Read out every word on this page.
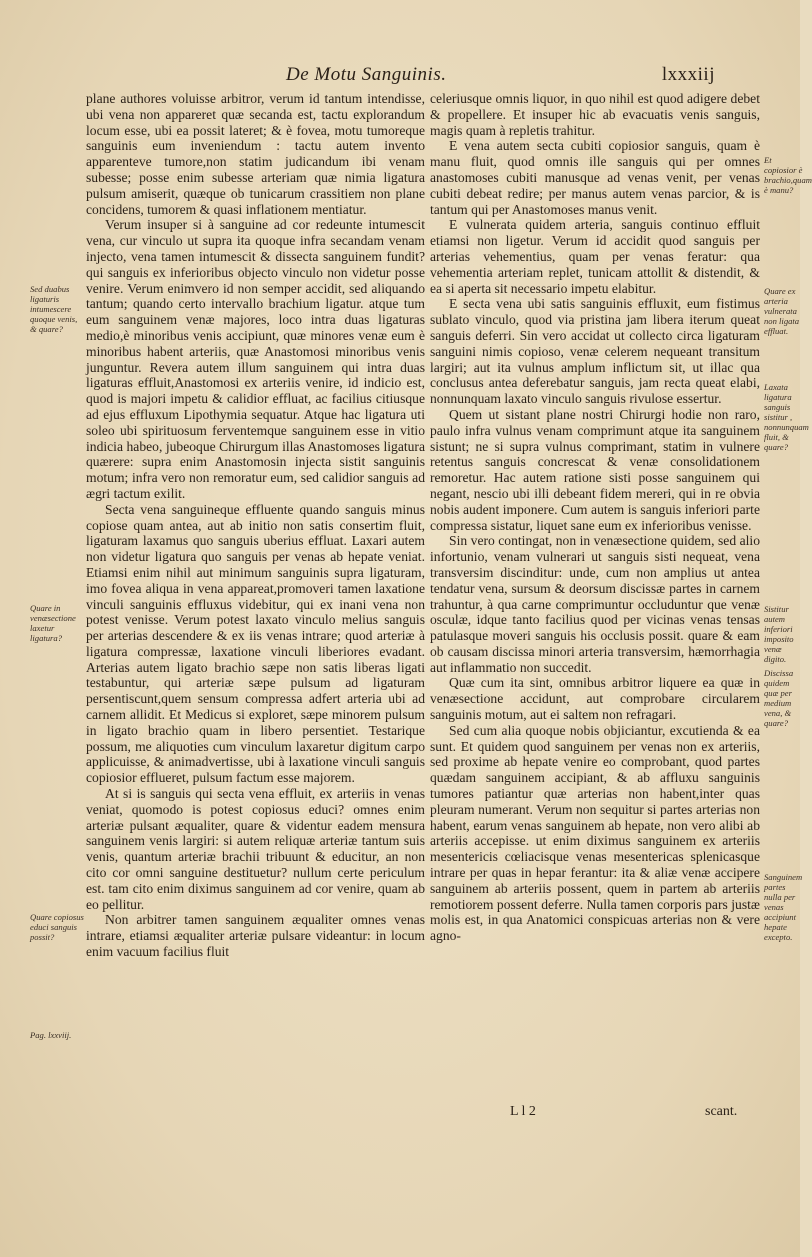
De Motu Sanguinis.	lxxxiij

plane authores voluisse arbitror, verum id tantum intendisse, ubi vena non appareret quæ secanda est, tactu explorandum locum esse, ubi ea possit lateret; & è fovea, motu tumoreque sanguinis eum inveniendum : tactu autem invento apparenteve tumore,non statim judicandum ibi venam subesse; posse enim subesse arteriam quæ nimia ligatura pulsum amiserit, quæque ob tunicarum crassitiem non plane concidens, tumorem & quasi inflationem mentiatur.

Verum insuper si à sanguine ad cor redeunte intumescit vena, cur vinculo ut supra ita quoque infra secandam venam injecto, vena tamen intumescit & dissecta sanguinem fundit? qui sanguis ex inferioribus objecto vinculo non videtur posse venire. Verum enimvero id non semper accidit, sed aliquando tantum; quando certo intervallo brachium ligatur. atque tum eum sanguinem venæ majores, loco intra duas ligaturas medio,è minoribus venis accipiunt, quæ minores venæ eum è minoribus habent arteriis, quæ Anastomosi minoribus venis junguntur. Revera autem illum sanguinem qui intra duas ligaturas effluit,Anastomosi ex arteriis venire, id indicio est, quod is majori impetu & calidior effluat, ac facilius citiusque ad ejus effluxum Lipothymia sequatur. Atque hac ligatura uti soleo ubi spirituosum ferventemque sanguinem esse in vitio indicia habeo, jubeoque Chirurgum illas Anastomoses ligatura quærere: supra enim Anastomosin injecta sistit sanguinis motum; infra vero non remoratur eum, sed calidior sanguis ad ægri tactum exilit.

Secta vena sanguineque effluente quando sanguis minus copiose quam antea, aut ab initio non satis consertim fluit, ligaturam laxamus quo sanguis uberius effluat. Laxari autem non videtur ligatura quo sanguis per venas ab hepate veniat. Etiamsi enim nihil aut minimum sanguinis supra ligaturam, imo fovea aliqua in vena appareat,promoveri tamen laxatione vinculi sanguinis effluxus videbitur, qui ex inani vena non potest venisse. Verum potest laxato vinculo melius sanguis per arterias descendere & ex iis venas intrare; quod arteriæ à ligatura compressæ, laxatione vinculi liberiores evadant. Arterias autem ligato brachio sæpe non satis liberas ligati testabuntur, qui arteriæ sæpe pulsum ad ligaturam persentiscunt,quem sensum compressa adfert arteria ubi ad carnem allidit. Et Medicus si exploret, sæpe minorem pulsum in ligato brachio quam in libero persentiet. Testarique possum, me aliquoties cum vinculum laxaretur digitum carpo applicuisse, & animadvertisse, ubi à laxatione vinculi sanguis copiosior efflueret, pulsum factum esse majorem.

At si is sanguis qui secta vena effluit, ex arteriis in venas veniat, quomodo is potest copiosus educi? omnes enim arteriæ pulsant æqualiter, quare & videntur eadem mensura sanguinem venis largiri: si autem reliquæ arteriæ tantum suis venis, quantum arteriæ brachii tribuunt & educitur, an non cito cor omni sanguine destituetur? nullum certe periculum est. tam cito enim diximus sanguinem ad cor venire, quam ab eo pellitur.

Non arbitrer tamen sanguinem æqualiter omnes venas intrare, etiamsi æqualiter arteriæ pulsare videantur: in locum enim vacuum facilius fluit

celeriusque omnis liquor, in quo nihil est quod adigere debet & propellere. Et insuper hic ab evacuatis venis sanguis, magis quam à repletis trahitur.

E vena autem secta cubiti copiosior sanguis, quam è manu fluit, quod omnis ille sanguis qui per omnes anastomoses cubiti manusque ad venas venit, per venas cubiti debeat redire; per manus autem venas parcior, & is tantum qui per Anastomoses manus venit.

E vulnerata quidem arteria, sanguis continuo effluit etiamsi non ligetur. Verum id accidit quod sanguis per arterias vehementius, quam per venas feratur: qua vehementia arteriam replet, tunicam attollit & distendit, & ea si aperta sit necessario impetu elabitur.

E secta vena ubi satis sanguinis effluxit, eum fistimus sublato vinculo, quod via pristina jam libera iterum queat sanguis deferri. Sin vero accidat ut collecto circa ligaturam sanguini nimis copioso, venæ celerem nequeant transitum largiri; aut ita vulnus amplum inflictum sit, ut illac qua conclusus antea deferebatur sanguis, jam recta queat elabi, nonnunquam laxato vinculo sanguis rivulose essertur.

Quem ut sistant plane nostri Chirurgi hodie non raro, paulo infra vulnus venam comprimunt atque ita sanguinem sistunt; ne si supra vulnus comprimant, statim in vulnere retentus sanguis concrescat & venæ consolidationem remoretur. Hac autem ratione sisti posse sanguinem qui negant, nescio ubi illi debeant fidem mereri, qui in re obvia nobis audent imponere. Cum autem is sanguis inferiori parte compressa sistatur, liquet sane eum ex inferioribus venisse.

Sin vero contingat, non in venæsectione quidem, sed alio infortunio, venam vulnerari ut sanguis sisti nequeat, vena transversim discinditur: unde, cum non amplius ut antea tendatur vena, sursum & deorsum discissæ partes in carnem trahuntur, à qua carne comprimuntur occluduntur que venæ osculæ, idque tanto facilius quod per vicinas venas tensas patulasque moveri sanguis his occlusis possit. quare & eam ob causam discissa minori arteria transversim, hæmorrhagia aut inflammatio non succedit.

Quæ cum ita sint, omnibus arbitror liquere ea quæ in venæsectione accidunt, aut comprobare circularem sanguinis motum, aut ei saltem non refragari.

Sed cum alia quoque nobis objiciantur, excutienda & ea sunt. Et quidem quod sanguinem per venas non ex arteriis, sed proxime ab hepate venire eo comprobant, quod partes quædam sanguinem accipiant, & ab affluxu sanguinis tumores patiantur quæ arterias non habent,inter quas pleuram numerant. Verum non sequitur si partes arterias non habent, earum venas sanguinem ab hepate, non vero alibi ab arteriis accepisse. ut enim diximus sanguinem ex arteriis mesentericis cœliacisque venas mesentericas splenicasque intrare per quas in hepar ferantur: ita & aliæ venæ accipere sanguinem ab arteriis possent, quem in partem ab arteriis remotiorem possent deferre. Nulla tamen corporis pars justæ molis est, in qua Anatomici conspicuas arterias non & vere agno-

Sed duabus ligaturis intumescere quoque venis, & quare?
Quare in venæsectione laxetur ligatura?
Quare copiosus educi sanguis possit?
Pag. lxxviij.
Et copiosior è brachio,quam è manu?
Quare ex arteria vulnerata non ligata effluat.
Laxata ligatura sanguis sistitur , nonnunquam fluit, & quare?
Sistitur autem inferiori imposito venæ digito.
Discissa quidem quæ per medium vena, & quare?
Sanguinem partes nulla per venas accipiunt hepate excepto.
L l 2	scant.
